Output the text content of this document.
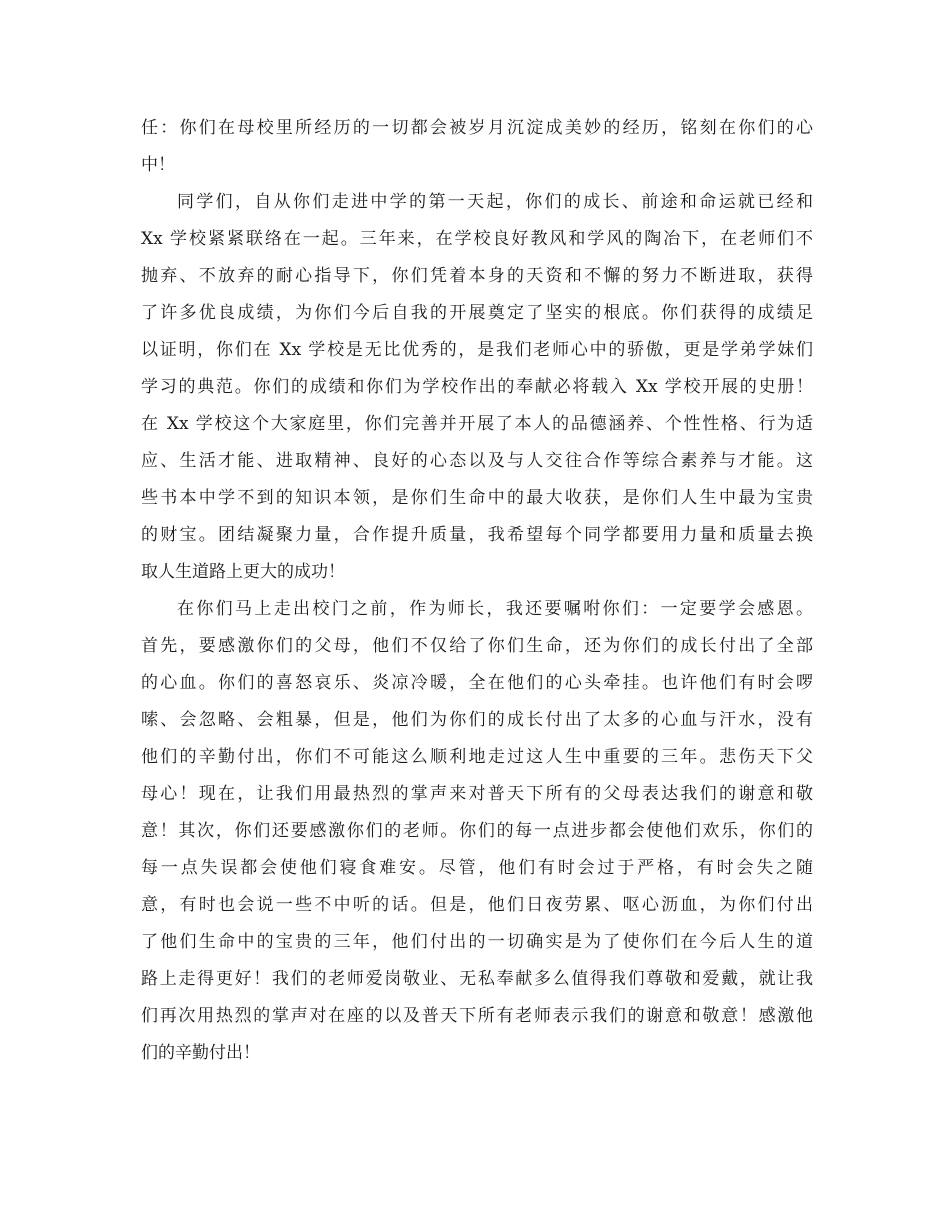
任：你们在母校里所经历的一切都会被岁月沉淀成美妙的经历，铭刻在你们的心
中！
同学们，自从你们走进中学的第一天起，你们的成长、前途和命运就已经和
Xx 学校紧紧联络在一起。三年来，在学校良好教风和学风的陶冶下，在老师们不
抛弃、不放弃的耐心指导下，你们凭着本身的天资和不懈的努力不断进取，获得
了许多优良成绩，为你们今后自我的开展奠定了坚实的根底。你们获得的成绩足
以证明，你们在 Xx 学校是无比优秀的，是我们老师心中的骄傲，更是学弟学妹们
学习的典范。你们的成绩和你们为学校作出的奉献必将载入 Xx 学校开展的史册！
在 Xx 学校这个大家庭里，你们完善并开展了本人的品德涵养、个性性格、行为适
应、生活才能、进取精神、良好的心态以及与人交往合作等综合素养与才能。这
些书本中学不到的知识本领，是你们生命中的最大收获，是你们人生中最为宝贵
的财宝。团结凝聚力量，合作提升质量，我希望每个同学都要用力量和质量去换
取人生道路上更大的成功！
在你们马上走出校门之前，作为师长，我还要嘱咐你们：一定要学会感恩。
首先，要感激你们的父母，他们不仅给了你们生命，还为你们的成长付出了全部
的心血。你们的喜怒哀乐、炎凉冷暖，全在他们的心头牵挂。也许他们有时会啰
嗦、会忽略、会粗暴，但是，他们为你们的成长付出了太多的心血与汗水，没有
他们的辛勤付出，你们不可能这么顺利地走过这人生中重要的三年。悲伤天下父
母心！现在，让我们用最热烈的掌声来对普天下所有的父母表达我们的谢意和敬
意！其次，你们还要感激你们的老师。你们的每一点进步都会使他们欢乐，你们的
每一点失误都会使他们寝食难安。尽管，他们有时会过于严格，有时会失之随
意，有时也会说一些不中听的话。但是，他们日夜劳累、呕心沥血，为你们付出
了他们生命中的宝贵的三年，他们付出的一切确实是为了使你们在今后人生的道
路上走得更好！我们的老师爱岗敬业、无私奉献多么值得我们尊敬和爱戴，就让我
们再次用热烈的掌声对在座的以及普天下所有老师表示我们的谢意和敬意！感激他
们的辛勤付出！
